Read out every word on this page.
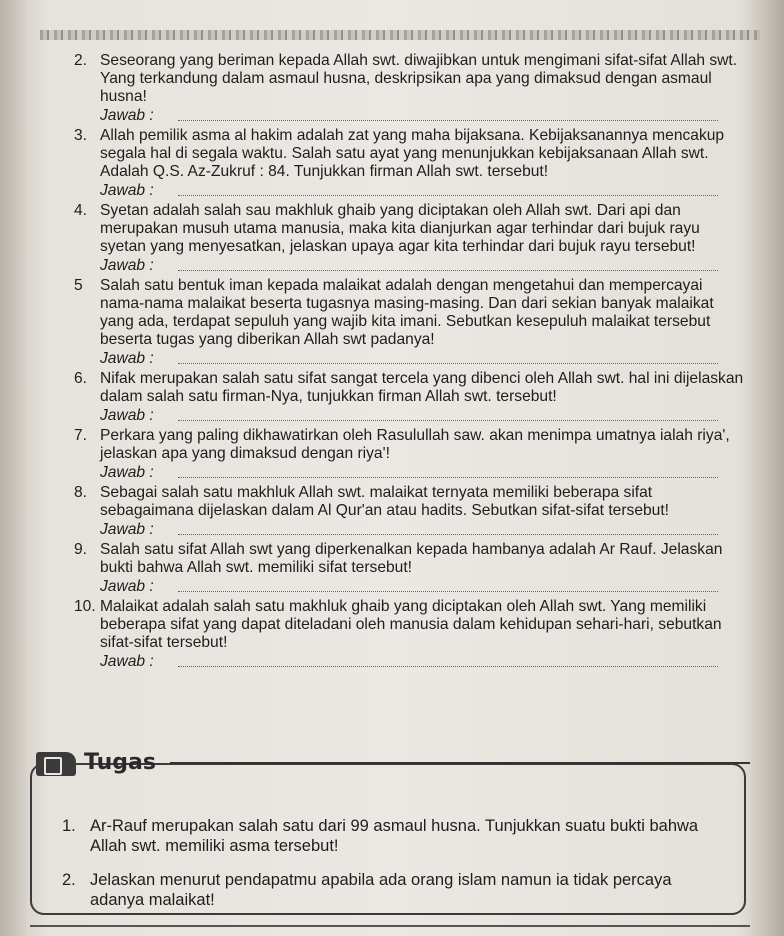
2. Seseorang yang beriman kepada Allah swt. diwajibkan untuk mengimani sifat-sifat Allah swt. Yang terkandung dalam asmaul husna, deskripsikan apa yang dimaksud dengan asmaul husna!
Jawab :
3. Allah pemilik asma al hakim adalah zat yang maha bijaksana. Kebijaksanannya mencakup segala hal di segala waktu. Salah satu ayat yang menunjukkan kebijaksanaan Allah swt. Adalah Q.S. Az-Zukruf : 84. Tunjukkan firman Allah swt. tersebut!
Jawab :
4. Syetan adalah salah sau makhluk ghaib yang diciptakan oleh Allah swt. Dari api dan merupakan musuh utama manusia, maka kita dianjurkan agar terhindar dari bujuk rayu syetan yang menyesatkan, jelaskan upaya agar kita terhindar dari bujuk rayu tersebut!
Jawab :
5 Salah satu bentuk iman kepada malaikat adalah dengan mengetahui dan mempercayai nama-nama malaikat beserta tugasnya masing-masing. Dan dari sekian banyak malaikat yang ada, terdapat sepuluh yang wajib kita imani. Sebutkan kesepuluh malaikat tersebut beserta tugas yang diberikan Allah swt padanya!
Jawab :
6. Nifak merupakan salah satu sifat sangat tercela yang dibenci oleh Allah swt. hal ini dijelaskan dalam salah satu firman-Nya, tunjukkan firman Allah swt. tersebut!
Jawab :
7. Perkara yang paling dikhawatirkan oleh Rasulullah saw. akan menimpa umatnya ialah riya', jelaskan apa yang dimaksud dengan riya'!
Jawab :
8. Sebagai salah satu makhluk Allah swt. malaikat ternyata memiliki beberapa sifat sebagaimana dijelaskan dalam Al Qur'an atau hadits. Sebutkan sifat-sifat tersebut!
Jawab :
9. Salah satu sifat Allah swt yang diperkenalkan kepada hambanya adalah Ar Rauf. Jelaskan bukti bahwa Allah swt. memiliki sifat tersebut!
Jawab :
10. Malaikat adalah salah satu makhluk ghaib yang diciptakan oleh Allah swt. Yang memiliki beberapa sifat yang dapat diteladani oleh manusia dalam kehidupan sehari-hari, sebutkan sifat-sifat tersebut!
Jawab :
Tugas
1. Ar-Rauf merupakan salah satu dari 99 asmaul husna. Tunjukkan suatu bukti bahwa Allah swt. memiliki asma tersebut!
2. Jelaskan menurut pendapatmu apabila ada orang islam namun ia tidak percaya adanya malaikat!
